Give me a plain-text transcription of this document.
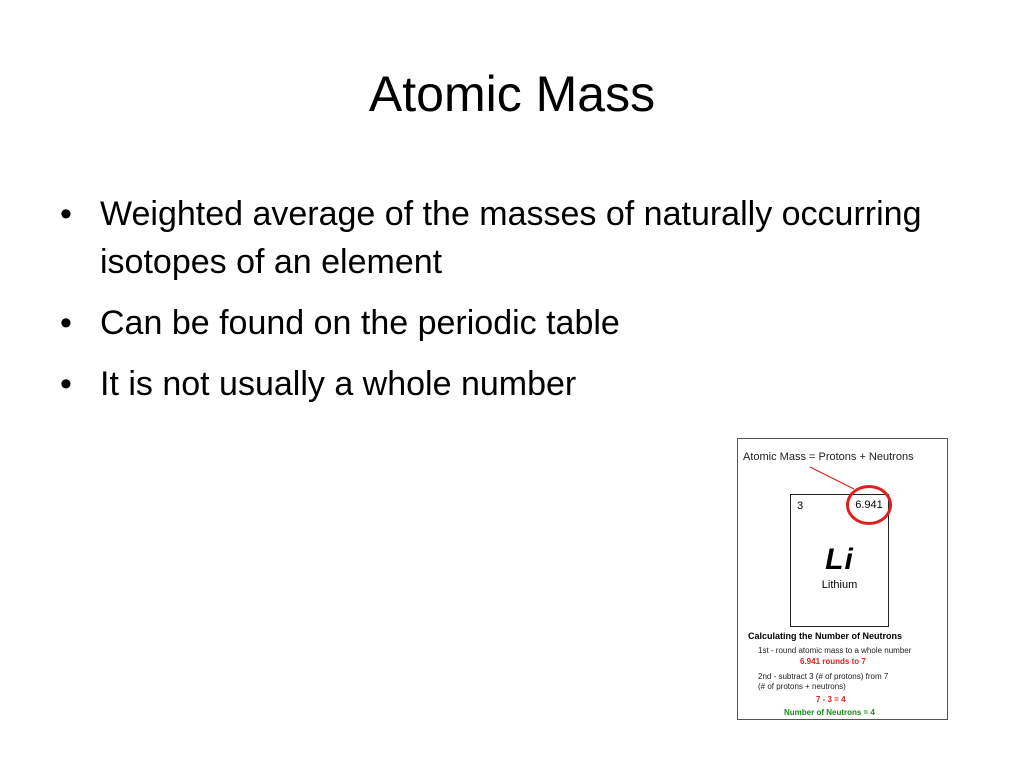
Atomic Mass
• Weighted average of the masses of naturally occurring isotopes of an element
• Can be found on the periodic table
• It is not usually a whole number
Atomic Mass = Protons + Neutrons
3
Li
Lithium
6.941
Calculating the Number of Neutrons
1st - round atomic mass to a whole number
6.941 rounds to 7
2nd - subtract 3 (# of protons) from 7
(# of protons + neutrons)
7 - 3 = 4
Number of Neutrons = 4
